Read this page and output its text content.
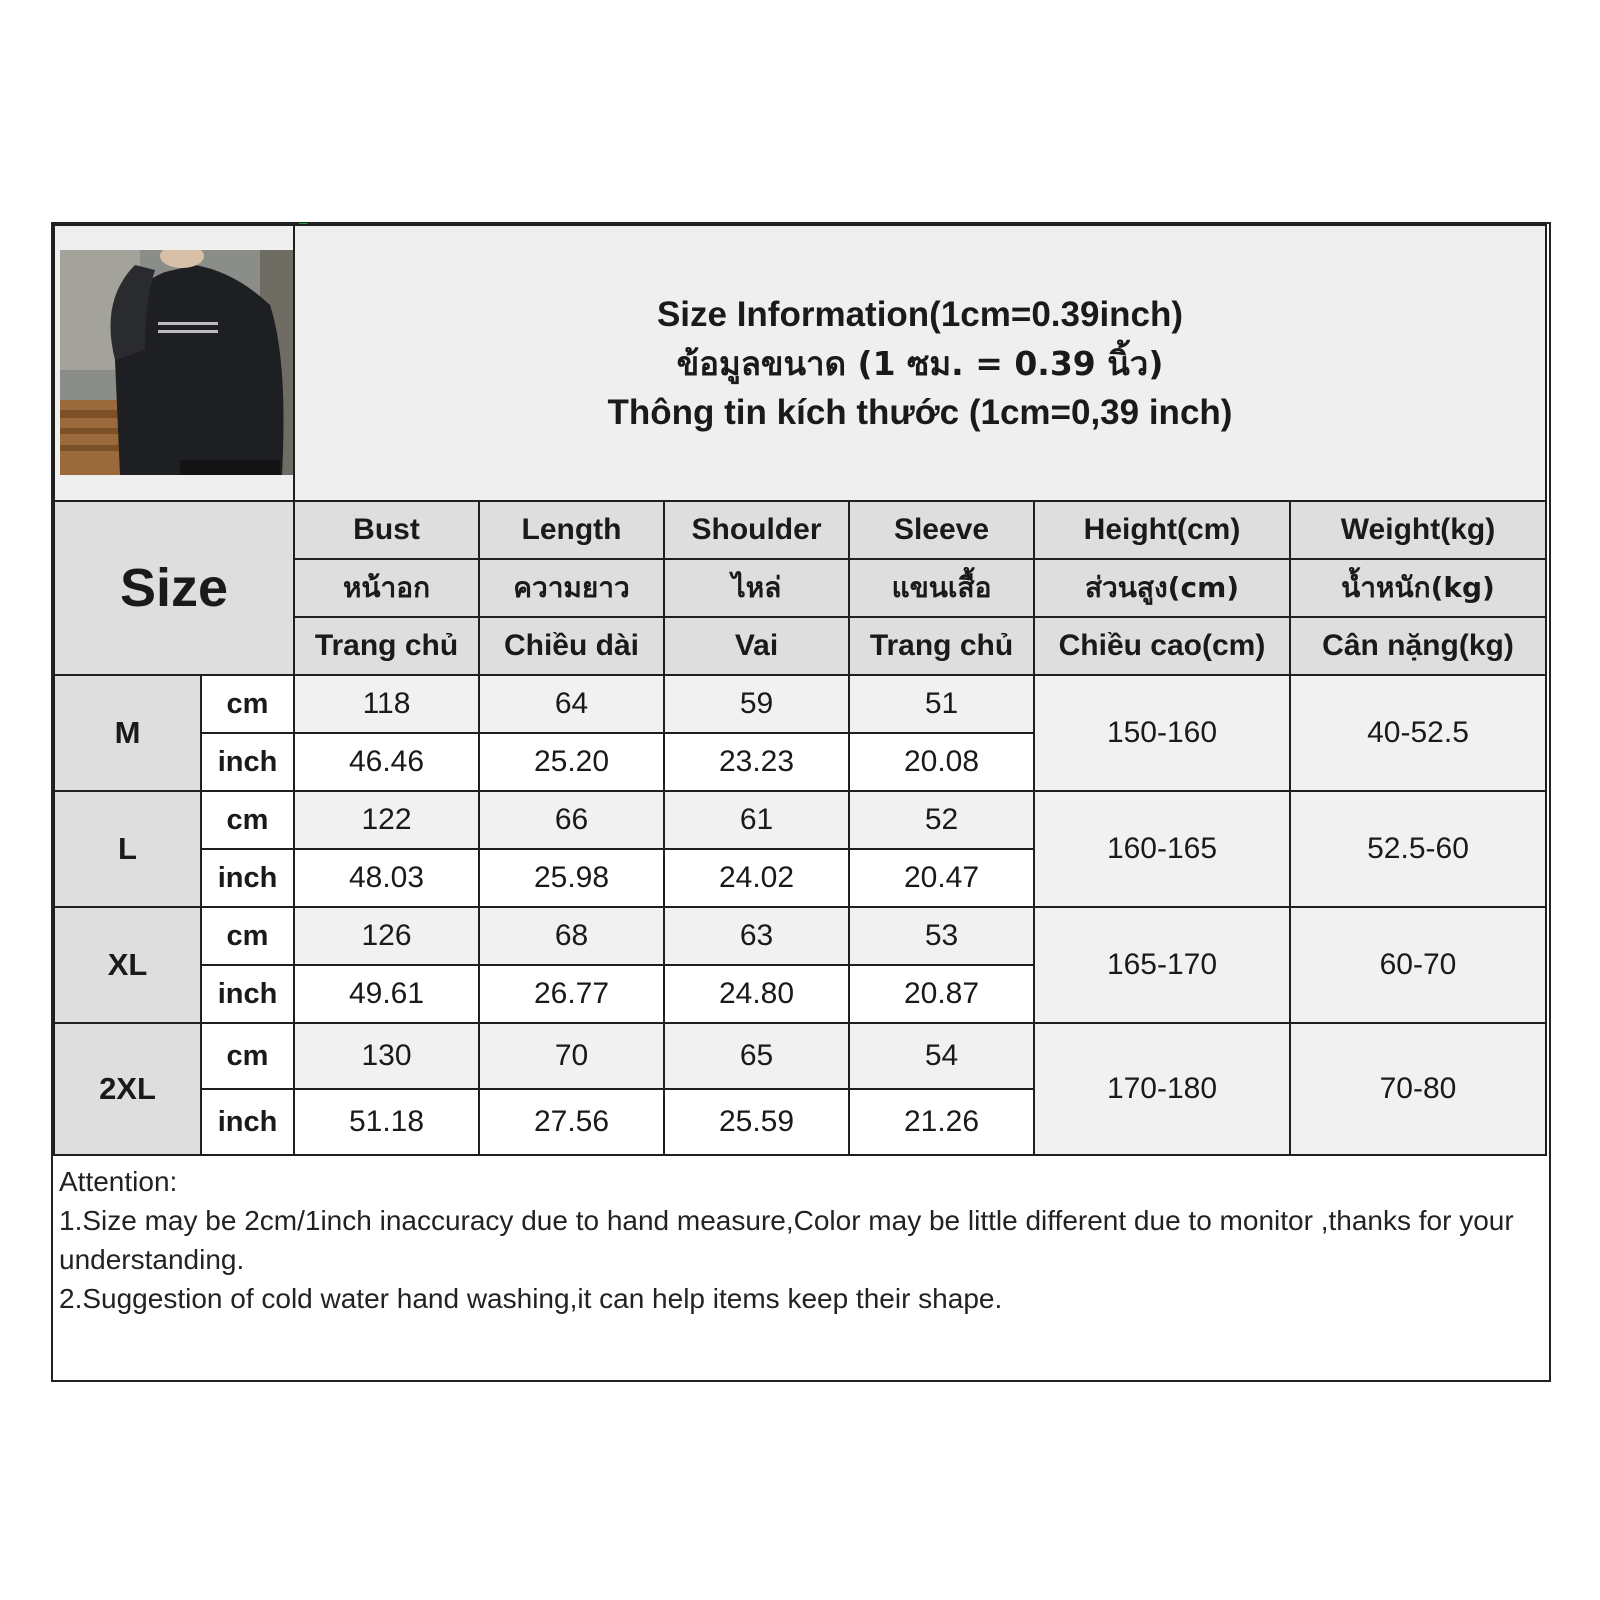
Size Information(1cm=0.39inch)
ข้อมูลขนาด (1 ซม. = 0.39 นิ้ว)
Thông tin kích thước (1cm=0,39 inch)					

Size		Bust	Length	Shoulder	Sleeve	Height(cm)	Weight(kg)
		หน้าอก	ความยาว	ไหล่	แขนเสื้อ	ส่วนสูง(cm)	น้ำหนัก(kg)
		Trang chủ	Chiều dài	Vai	Trang chủ	Chiều cao(cm)	Cân nặng(kg)
M	cm	118	64	59	51	150-160	40-52.5
	inch	46.46	25.20	23.23	20.08		
L	cm	122	66	61	52	160-165	52.5-60
	inch	48.03	25.98	24.02	20.47		
XL	cm	126	68	63	53	165-170	60-70
	inch	49.61	26.77	24.80	20.87		
2XL	cm	130	70	65	54	170-180	70-80
	inch	51.18	27.56	25.59	21.26		
Attention:
1.Size may be 2cm/1inch inaccuracy due to hand measure,Color may be little different due to monitor ,thanks for your understanding.
2.Suggestion of cold water hand washing,it can help items keep their shape.
